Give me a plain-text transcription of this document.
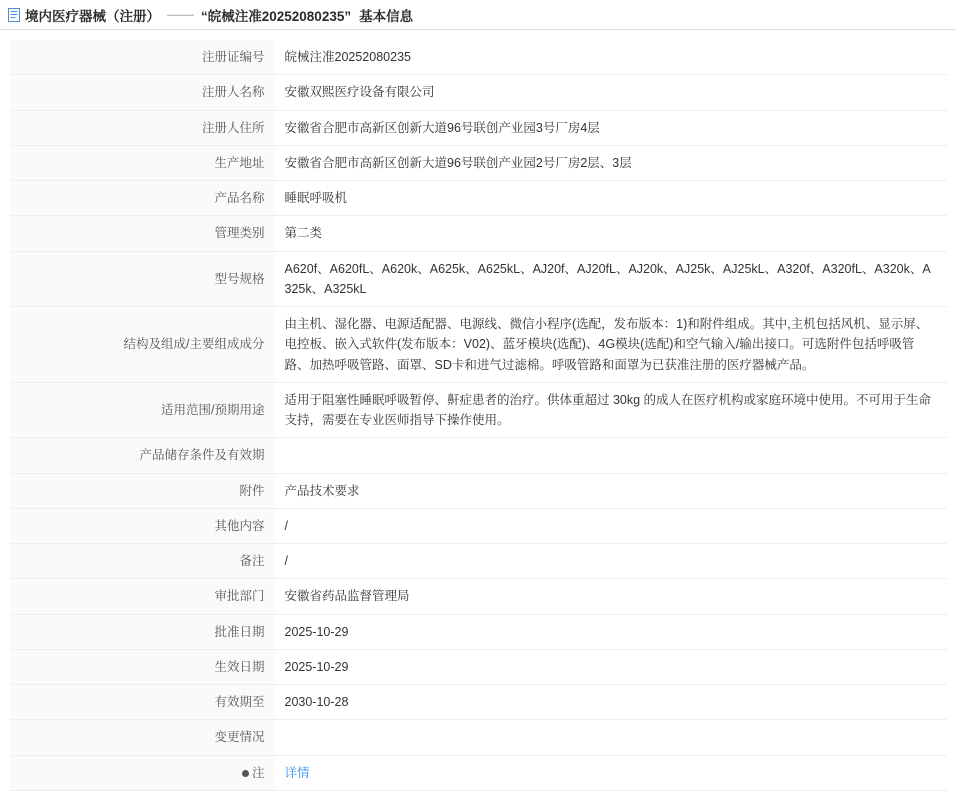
境内医疗器械（注册） —— “皖械注准20252080235” 基本信息
注册证编号	皖械注准20252080235
注册人名称	安徽双熙医疗设备有限公司
注册人住所	安徽省合肥市高新区创新大道96号联创产业园3号厂房4层
生产地址	安徽省合肥市高新区创新大道96号联创产业园2号厂房2层、3层
产品名称	睡眠呼吸机
管理类别	第二类
型号规格	A620f、A620fL、A620k、A625k、A625kL、AJ20f、AJ20fL、AJ20k、AJ25k、AJ25kL、A320f、A320fL、A320k、A325k、A325kL
结构及组成/主要组成成分	由主机、湿化器、电源适配器、电源线、微信小程序(选配，发布版本：1)和附件组成。其中,主机包括风机、显示屏、电控板、嵌入式软件(发布版本：V02)、蓝牙模块(选配)、4G模块(选配)和空气输入/输出接口。可选附件包括呼吸管路、加热呼吸管路、面罩、SD卡和进气过滤棉。呼吸管路和面罩为已获准注册的医疗器械产品。
适用范围/预期用途	适用于阻塞性睡眠呼吸暂停、鼾症患者的治疗。供体重超过 30kg 的成人在医疗机构或家庭环境中使用。不可用于生命支持，需要在专业医师指导下操作使用。
产品储存条件及有效期	
附件	产品技术要求
其他内容	/
备注	/
审批部门	安徽省药品监督管理局
批准日期	2025-10-29
生效日期	2025-10-29
有效期至	2030-10-28
变更情况	

注	详情
